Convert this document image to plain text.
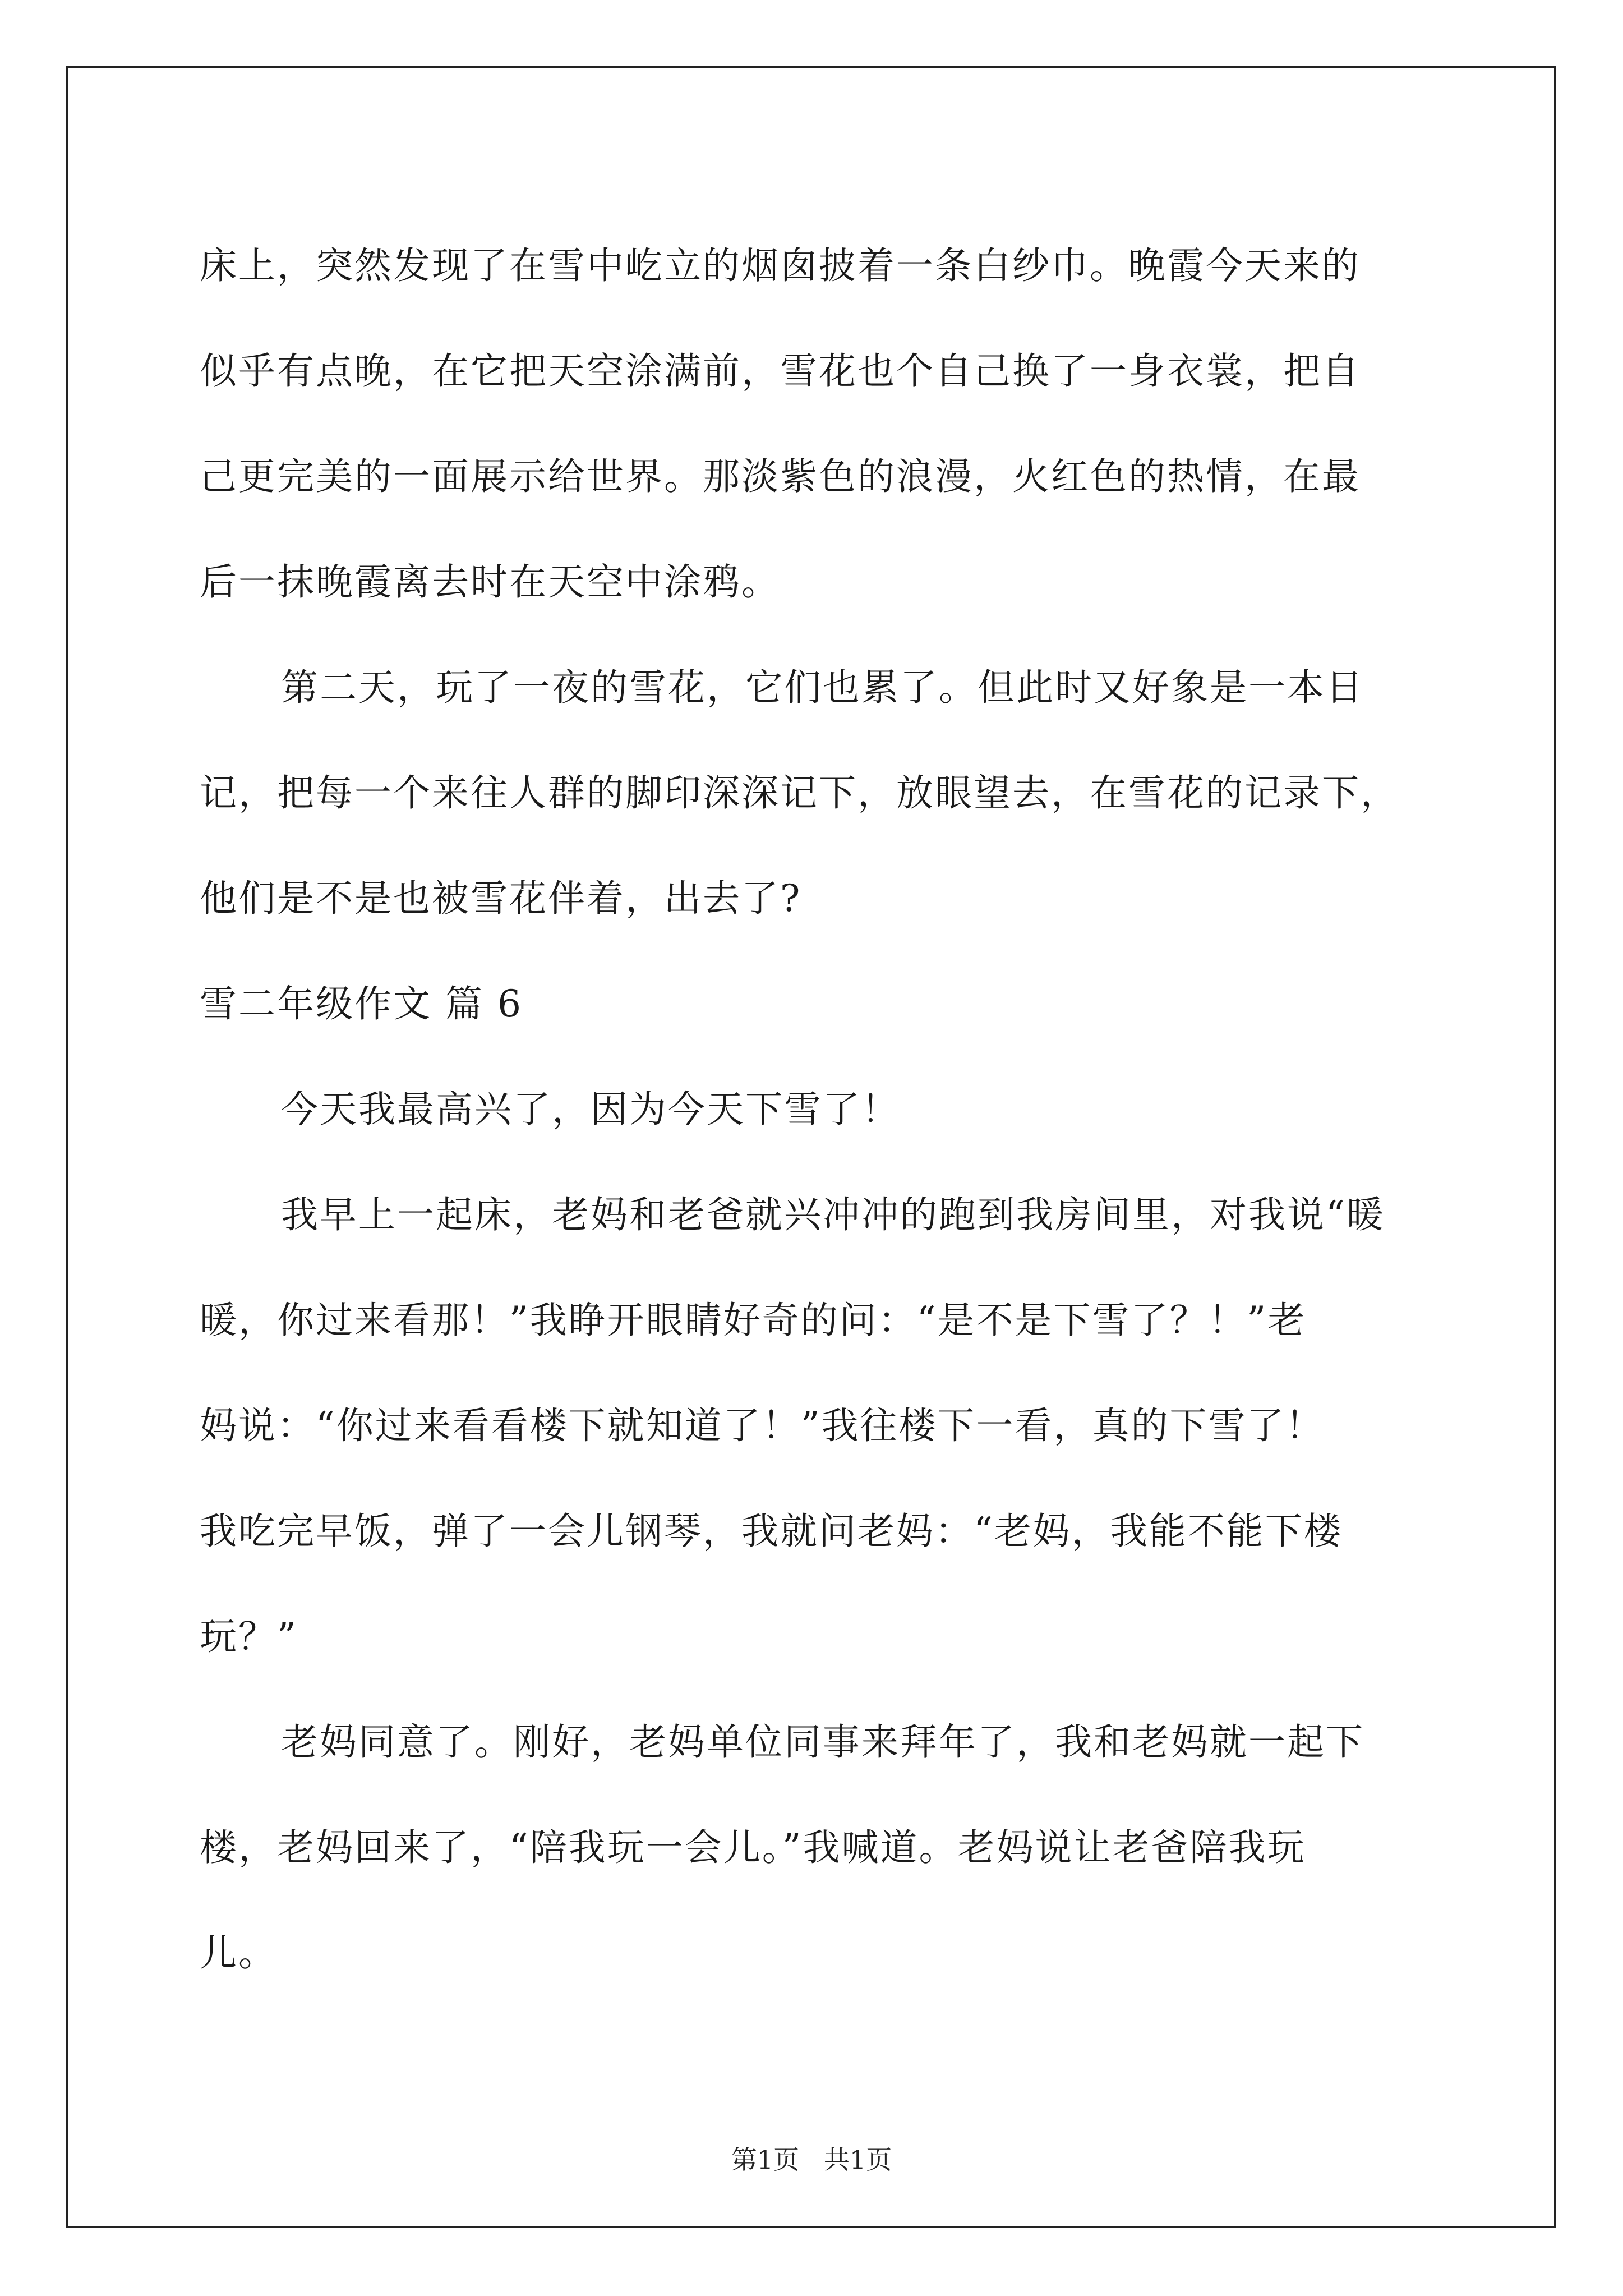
床上，突然发现了在雪中屹立的烟囱披着一条白纱巾。晚霞今天来的
似乎有点晚，在它把天空涂满前，雪花也个自己换了一身衣裳，把自
己更完美的一面展示给世界。那淡紫色的浪漫，火红色的热情，在最
后一抹晚霞离去时在天空中涂鸦。
第二天，玩了一夜的雪花，它们也累了。但此时又好象是一本日
记，把每一个来往人群的脚印深深记下，放眼望去，在雪花的记录下，
他们是不是也被雪花伴着，出去了?
雪二年级作文 篇 6
今天我最高兴了，因为今天下雪了！
我早上一起床，老妈和老爸就兴冲冲的跑到我房间里，对我说“暖
暖，你过来看那！”我睁开眼睛好奇的问：“是不是下雪了？！”老
妈说：“你过来看看楼下就知道了！”我往楼下一看，真的下雪了！
我吃完早饭，弹了一会儿钢琴，我就问老妈：“老妈，我能不能下楼
玩？”
老妈同意了。刚好，老妈单位同事来拜年了，我和老妈就一起下
楼，老妈回来了，“陪我玩一会儿。”我喊道。老妈说让老爸陪我玩
儿。
第1页   共1页
